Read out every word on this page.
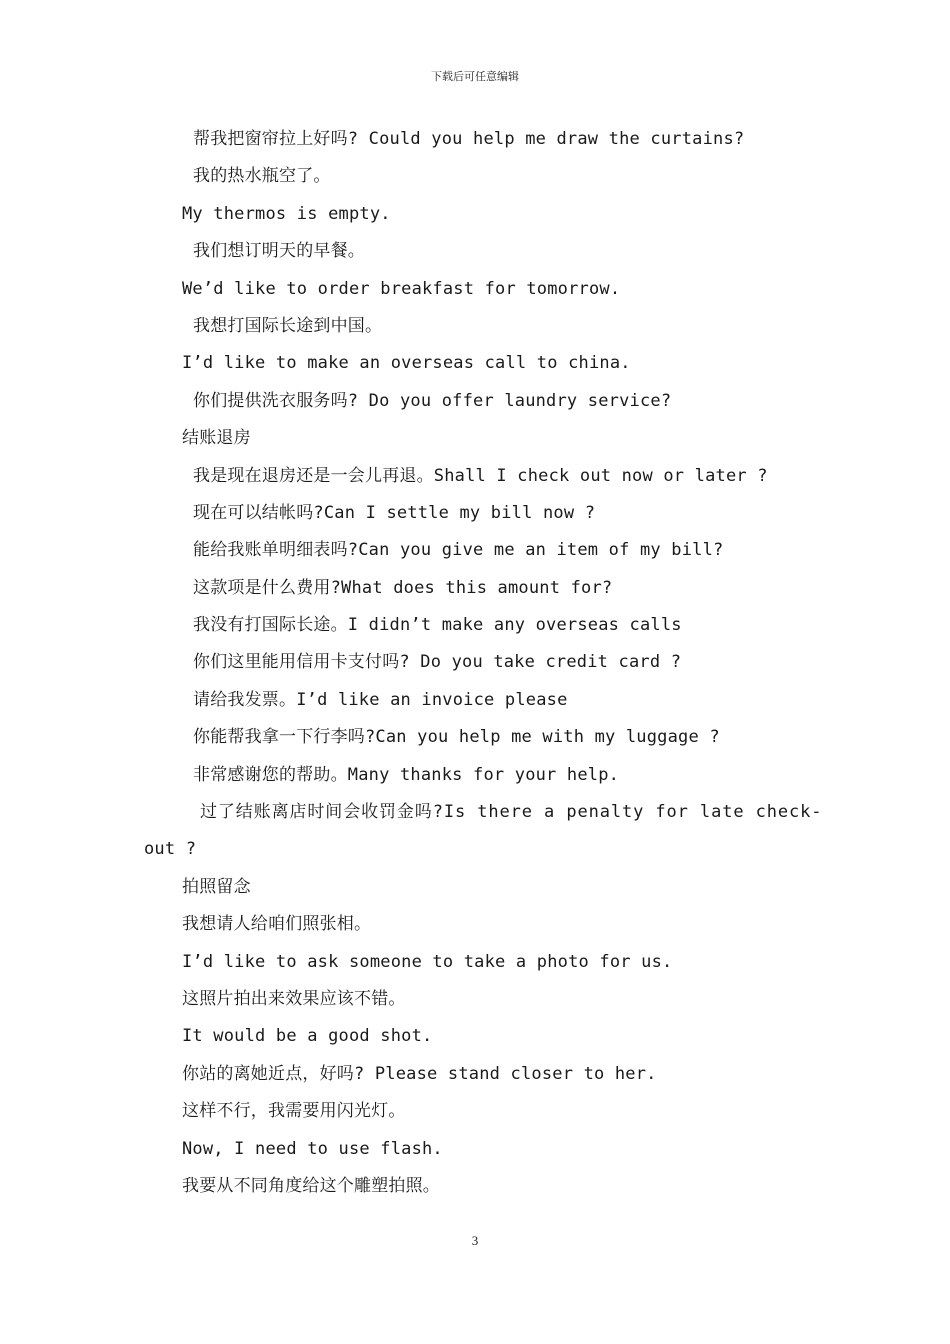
下载后可任意编辑
帮我把窗帘拉上好吗? Could you help me draw the curtains?
我的热水瓶空了。
My thermos is empty.
我们想订明天的早餐。
We’d like to order breakfast for tomorrow.
我想打国际长途到中国。
I’d like to make an overseas call to china.
你们提供洗衣服务吗? Do you offer laundry service?
结账退房
我是现在退房还是一会儿再退。Shall I check out now or later ?
现在可以结帐吗?Can I settle my bill now ?
能给我账单明细表吗?Can you give me an item of my bill?
这款项是什么费用?What does this amount for?
我没有打国际长途。I didn’t make any overseas calls
你们这里能用信用卡支付吗? Do you take credit card ?
请给我发票。I’d like an invoice please
你能帮我拿一下行李吗?Can you help me with my luggage ?
非常感谢您的帮助。Many thanks for your help.
过了结账离店时间会收罚金吗?Is there a penalty for late check-
out ?
拍照留念
我想请人给咱们照张相。
I’d like to ask someone to take a photo for us.
这照片拍出来效果应该不错。
It would be a good shot.
你站的离她近点，好吗? Please stand closer to her.
这样不行，我需要用闪光灯。
Now, I need to use flash.
我要从不同角度给这个雕塑拍照。
3
